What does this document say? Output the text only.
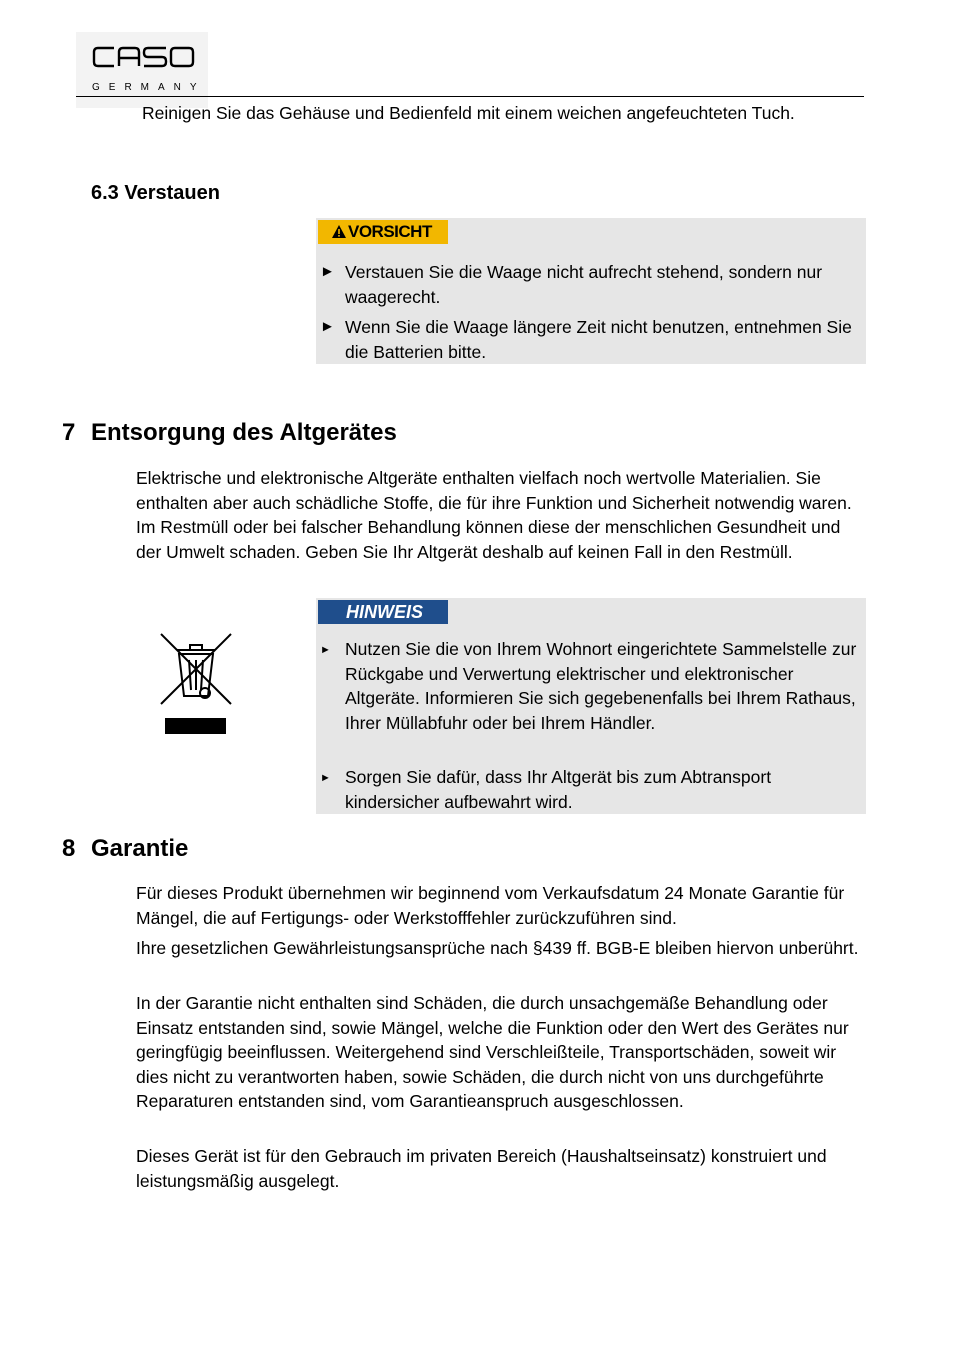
GERMANY
Reinigen Sie das Gehäuse und Bedienfeld mit einem weichen angefeuchteten Tuch.
6.3 Verstauen
VORSICHT
► Verstauen Sie die Waage nicht aufrecht stehend, sondern nur waagerecht.
► Wenn Sie die Waage längere Zeit nicht benutzen, entnehmen Sie die Batterien bitte.
7 Entsorgung des Altgerätes
Elektrische und elektronische Altgeräte enthalten vielfach noch wertvolle Materialien. Sie enthalten aber auch schädliche Stoffe, die für ihre Funktion und Sicherheit notwendig waren. Im Restmüll oder bei falscher Behandlung können diese der menschlichen Gesundheit und der Umwelt schaden. Geben Sie Ihr Altgerät deshalb auf keinen Fall in den Restmüll.
HINWEIS
► Nutzen Sie die von Ihrem Wohnort eingerichtete Sammelstelle zur Rückgabe und Verwertung elektrischer und elektronischer Altgeräte. Informieren Sie sich gegebenenfalls bei Ihrem Rathaus, Ihrer Müllabfuhr oder bei Ihrem Händler.
► Sorgen Sie dafür, dass Ihr Altgerät bis zum Abtransport kindersicher aufbewahrt wird.
8 Garantie
Für dieses Produkt übernehmen wir beginnend vom Verkaufsdatum 24 Monate Garantie für Mängel, die auf Fertigungs- oder Werkstofffehler zurückzuführen sind.
Ihre gesetzlichen Gewährleistungsansprüche nach §439 ff. BGB-E bleiben hiervon unberührt.
In der Garantie nicht enthalten sind Schäden, die durch unsachgemäße Behandlung oder Einsatz entstanden sind, sowie Mängel, welche die Funktion oder den Wert des Gerätes nur geringfügig beeinflussen. Weitergehend sind Verschleißteile, Transportschäden, soweit wir dies nicht zu verantworten haben, sowie Schäden, die durch nicht von uns durchgeführte Reparaturen entstanden sind, vom Garantieanspruch ausgeschlossen.
Dieses Gerät ist für den Gebrauch im privaten Bereich (Haushaltseinsatz) konstruiert und leistungsmäßig ausgelegt.
